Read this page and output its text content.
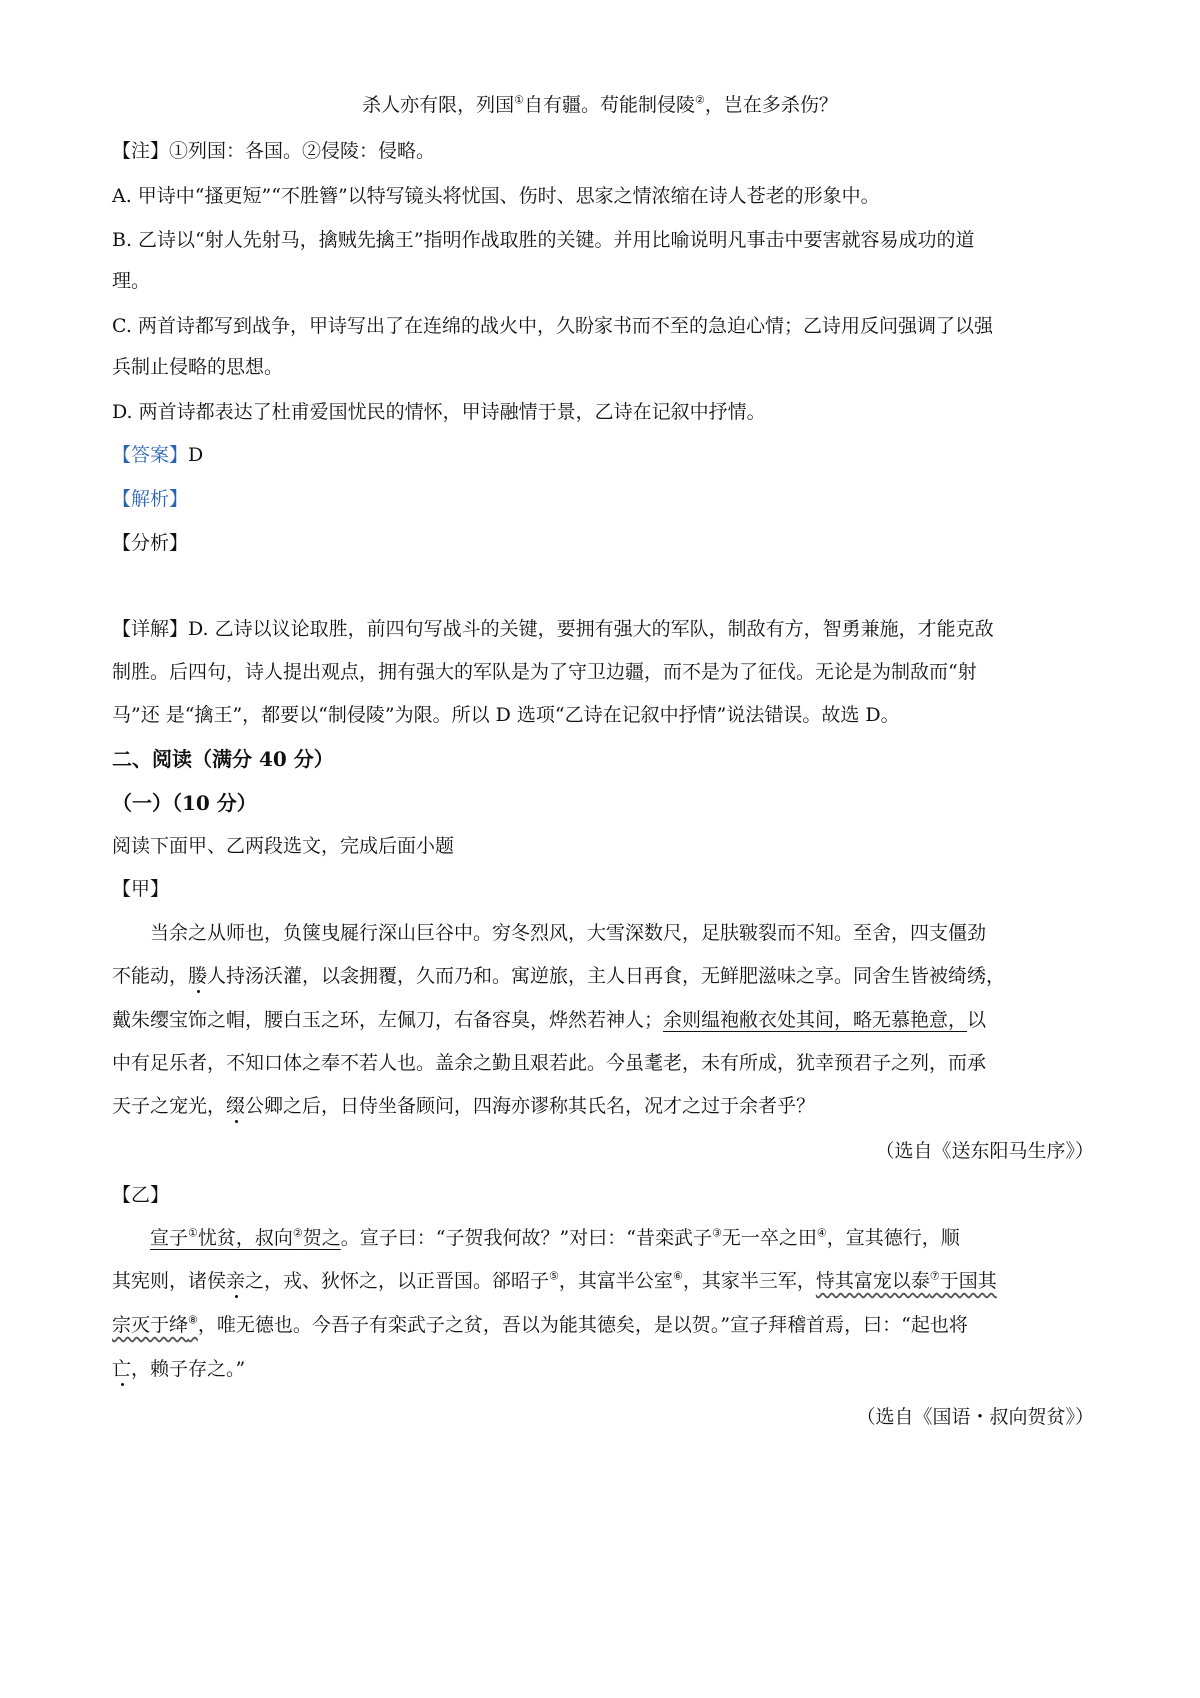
杀人亦有限，列国①自有疆。苟能制侵陵②，岂在多杀伤？
【注】①列国：各国。②侵陵：侵略。
A. 甲诗中“搔更短”“不胜簪”以特写镜头将忧国、伤时、思家之情浓缩在诗人苍老的形象中。
B. 乙诗以“射人先射马，擒贼先擒王”指明作战取胜的关键。并用比喻说明凡事击中要害就容易成功的道
理。
C. 两首诗都写到战争，甲诗写出了在连绵的战火中，久盼家书而不至的急迫心情；乙诗用反问强调了以强
兵制止侵略的思想。
D. 两首诗都表达了杜甫爱国忧民的情怀，甲诗融情于景，乙诗在记叙中抒情。
【答案】D
【解析】
【分析】
【详解】D. 乙诗以议论取胜，前四句写战斗的关键，要拥有强大的军队，制敌有方，智勇兼施，才能克敌
制胜。后四句，诗人提出观点，拥有强大的军队是为了守卫边疆，而不是为了征伐。无论是为制敌而“射
马”还 是“擒王”，都要以“制侵陵”为限。所以 D 选项“乙诗在记叙中抒情”说法错误。故选 D。
二、阅读（满分 40 分）
（一）（10 分）
阅读下面甲、乙两段选文，完成后面小题
【甲】
当余之从师也，负箧曳屣行深山巨谷中。穷冬烈风，大雪深数尺，足肤皲裂而不知。至舍，四支僵劲
不能动，媵人持汤沃灌，以衾拥覆，久而乃和。寓逆旅，主人日再食，无鲜肥滋味之享。同舍生皆被绮绣，
戴朱缨宝饰之帽，腰白玉之环，左佩刀，右备容臭，烨然若神人；余则缊袍敝衣处其间，略无慕艳意，以
中有足乐者，不知口体之奉不若人也。盖余之勤且艰若此。今虽耄老，未有所成，犹幸预君子之列，而承
天子之宠光，缀公卿之后，日侍坐备顾问，四海亦谬称其氏名，况才之过于余者乎？
（选自《送东阳马生序》）
【乙】
宣子①忧贫，叔向②贺之。宣子曰：“子贺我何故？”对曰：“昔栾武子③无一卒之田④，宣其德行，顺
其宪则，诸侯亲之，戎、狄怀之，以正晋国。郤昭子⑤，其富半公室⑥，其家半三军，恃其富宠以泰⑦于国其
宗灭于绛⑧，唯无德也。今吾子有栾武子之贫，吾以为能其德矣，是以贺。”宣子拜稽首焉，曰：“起也将
亡，赖子存之。”
（选自《国语・叔向贺贫》）
